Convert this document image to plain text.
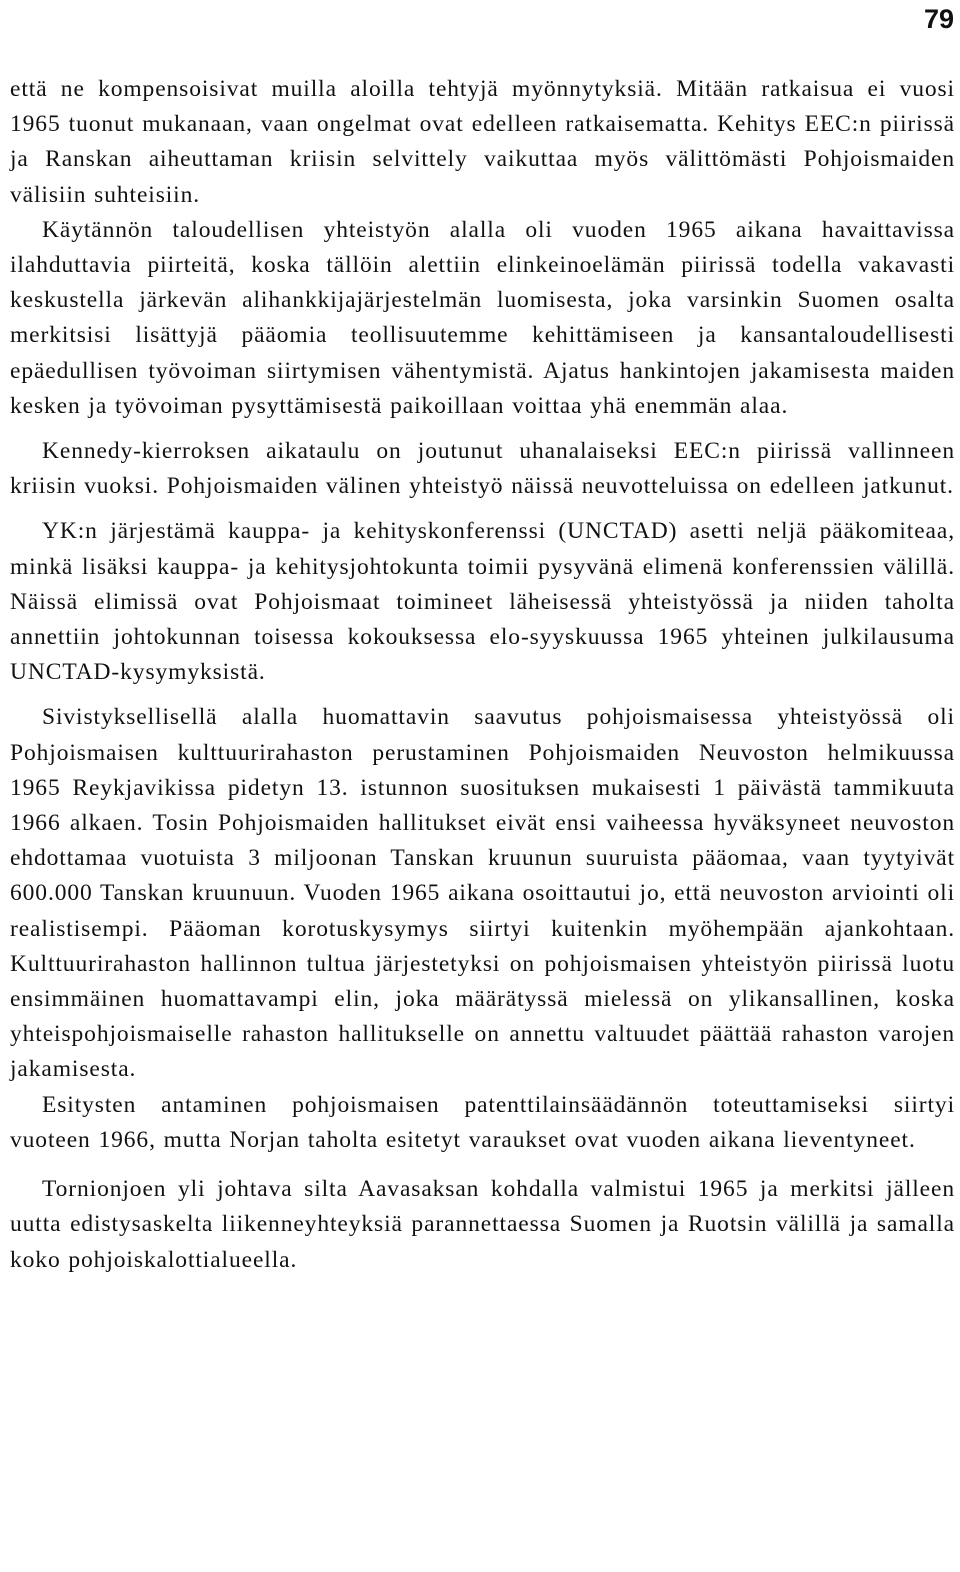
79

että ne kompensoisivat muilla aloilla tehtyjä myönnytyksiä. Mitään ratkaisua ei vuosi 1965 tuonut mukanaan, vaan ongelmat ovat edelleen ratkaisematta. Kehitys EEC:n piirissä ja Ranskan aiheuttaman kriisin selvittely vaikuttaa myös välittömästi Pohjoismaiden välisiin suhteisiin.

Käytännön taloudellisen yhteistyön alalla oli vuoden 1965 aikana havaittavissa ilahduttavia piirteitä, koska tällöin alettiin elinkeinoelämän piirissä todella vakavasti keskustella järkevän alihankkijajärjestelmän luomisesta, joka varsinkin Suomen osalta merkitsisi lisättyjä pääomia teollisuutemme kehittämiseen ja kansantaloudellisesti epäedullisen työvoiman siirtymisen vähentymistä. Ajatus hankintojen jakamisesta maiden kesken ja työvoiman pysyttämisestä paikoillaan voittaa yhä enemmän alaa.

Kennedy-kierroksen aikataulu on joutunut uhanalaiseksi EEC:n piirissä vallinneen kriisin vuoksi. Pohjoismaiden välinen yhteistyö näissä neuvotteluissa on edelleen jatkunut.

YK:n järjestämä kauppa- ja kehityskonferenssi (UNCTAD) asetti neljä pääkomiteaa, minkä lisäksi kauppa- ja kehitysjohtokunta toimii pysyvänä elimenä konferenssien välillä. Näissä elimissä ovat Pohjoismaat toimineet läheisessä yhteistyössä ja niiden taholta annettiin johtokunnan toisessa kokouksessa elo-syyskuussa 1965 yhteinen julkilausuma UNCTAD-kysymyksistä.

Sivistyksellisellä alalla huomattavin saavutus pohjoismaisessa yhteistyössä oli Pohjoismaisen kulttuurirahaston perustaminen Pohjoismaiden Neuvoston helmikuussa 1965 Reykjavikissa pidetyn 13. istunnon suosituksen mukaisesti 1 päivästä tammikuuta 1966 alkaen. Tosin Pohjoismaiden hallitukset eivät ensi vaiheessa hyväksyneet neuvoston ehdottamaa vuotuista 3 miljoonan Tanskan kruunun suuruista pääomaa, vaan tyytyivät 600.000 Tanskan kruunuun. Vuoden 1965 aikana osoittautui jo, että neuvoston arviointi oli realistisempi. Pääoman korotuskysymys siirtyi kuitenkin myöhempään ajankohtaan. Kulttuurirahaston hallinnon tultua järjestetyksi on pohjoismaisen yhteistyön piirissä luotu ensimmäinen huomattavampi elin, joka määrätyssä mielessä on ylikansallinen, koska yhteispohjoismaiselle rahaston hallitukselle on annettu valtuudet päättää rahaston varojen jakamisesta.

Esitysten antaminen pohjoismaisen patenttilainsäädännön toteuttamiseksi siirtyi vuoteen 1966, mutta Norjan taholta esitetyt varaukset ovat vuoden aikana lieventyneet.

Tornionjoen yli johtava silta Aavasaksan kohdalla valmistui 1965 ja merkitsi jälleen uutta edistysaskelta liikenneyhteyksiä parannettaessa Suomen ja Ruotsin välillä ja samalla koko pohjoiskalottialueella.
